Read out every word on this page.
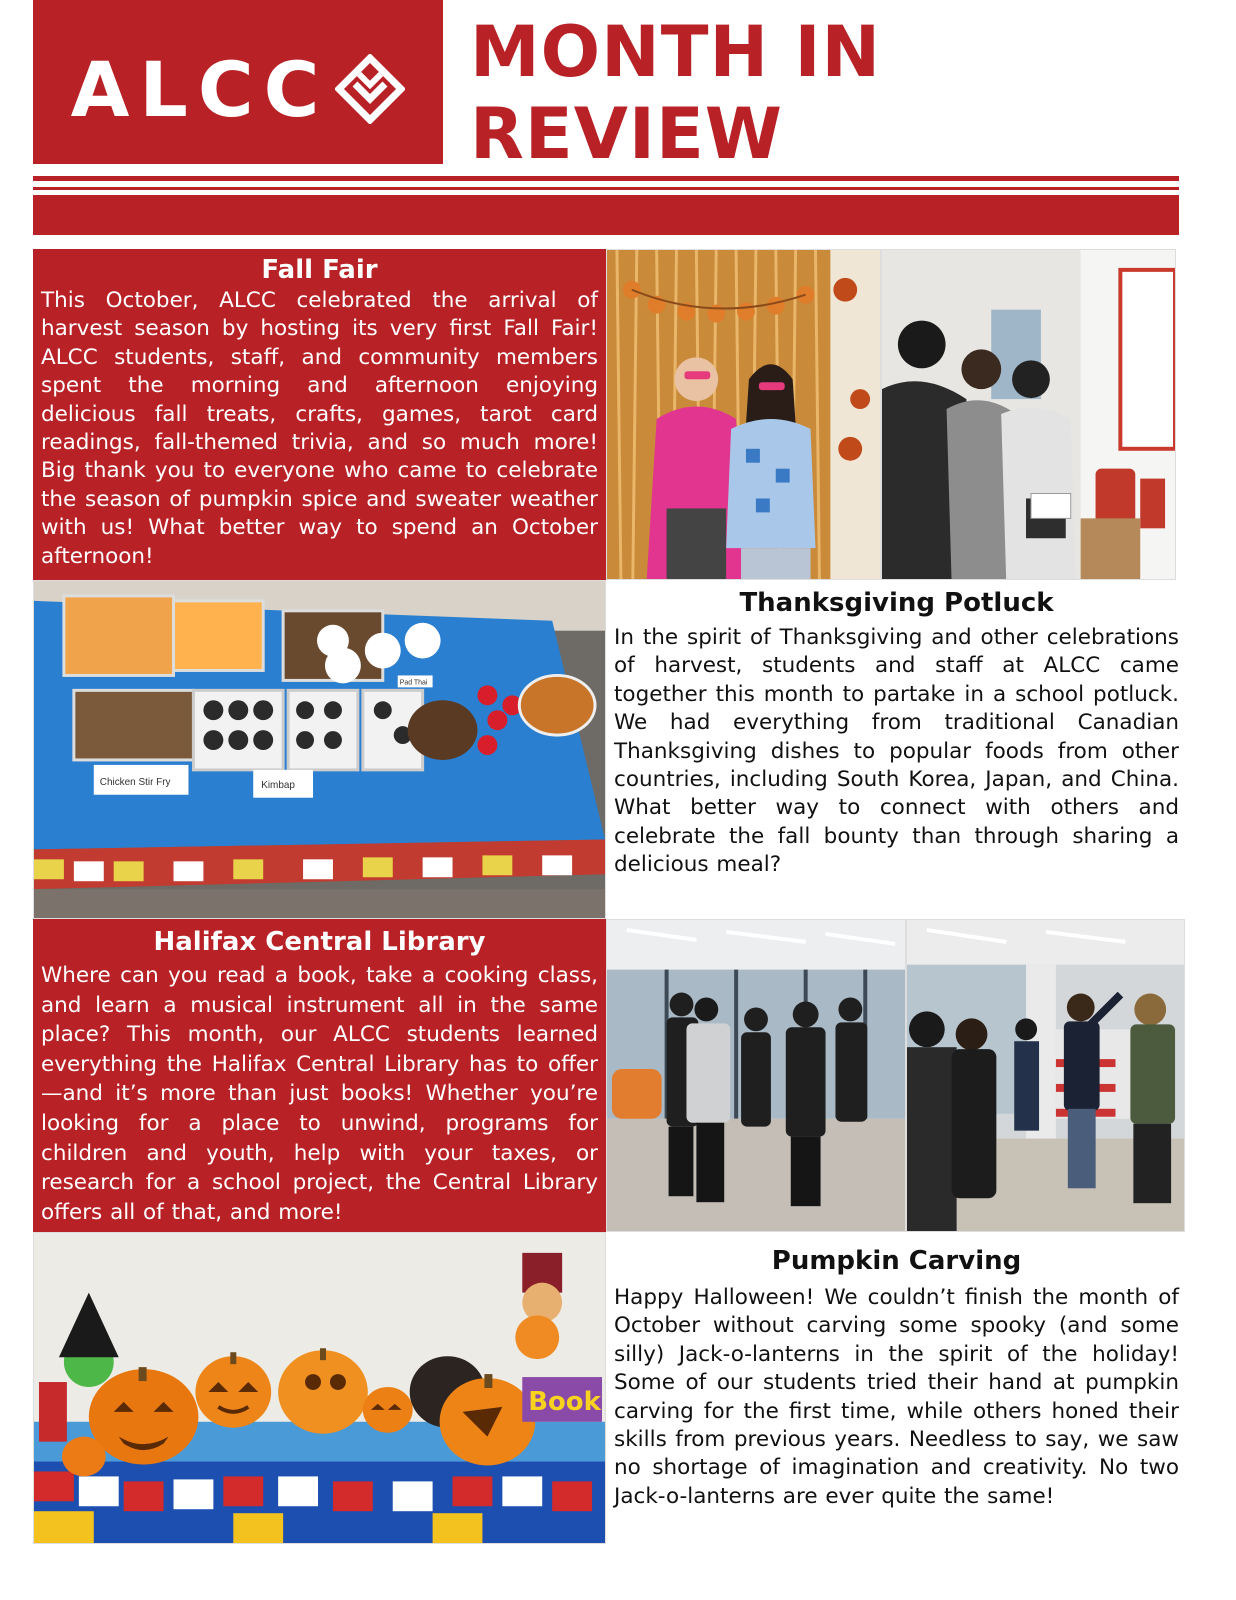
ALCC MONTH IN REVIEW
Fall Fair

This October, ALCC celebrated the arrival of harvest season by hosting its very first Fall Fair! ALCC students, staff, and community members spent the morning and afternoon enjoying delicious fall treats, crafts, games, tarot card readings, fall-themed trivia, and so much more! Big thank you to everyone who came to celebrate the season of pumpkin spice and sweater weather with us! What better way to spend an October afternoon!

Chicken Stir Fry	Kimbap
Pad Thai
Thanksgiving Potluck

In the spirit of Thanksgiving and other celebrations of harvest, students and staff at ALCC came together this month to partake in a school potluck. We had everything from traditional Canadian Thanksgiving dishes to popular foods from other countries, including South Korea, Japan, and China. What better way to connect with others and celebrate the fall bounty than through sharing a delicious meal?

Halifax Central Library

Where can you read a book, take a cooking class, and learn a musical instrument all in the same place? This month, our ALCC students learned everything the Halifax Central Library has to offer—and it’s more than just books! Whether you’re looking for a place to unwind, programs for children and youth, help with your taxes, or research for a school project, the Central Library offers all of that, and more!

Book
Pumpkin Carving

Happy Halloween! We couldn’t finish the month of October without carving some spooky (and some silly) Jack-o-lanterns in the spirit of the holiday! Some of our students tried their hand at pumpkin carving for the first time, while others honed their skills from previous years. Needless to say, we saw no shortage of imagination and creativity. No two Jack-o-lanterns are ever quite the same!
